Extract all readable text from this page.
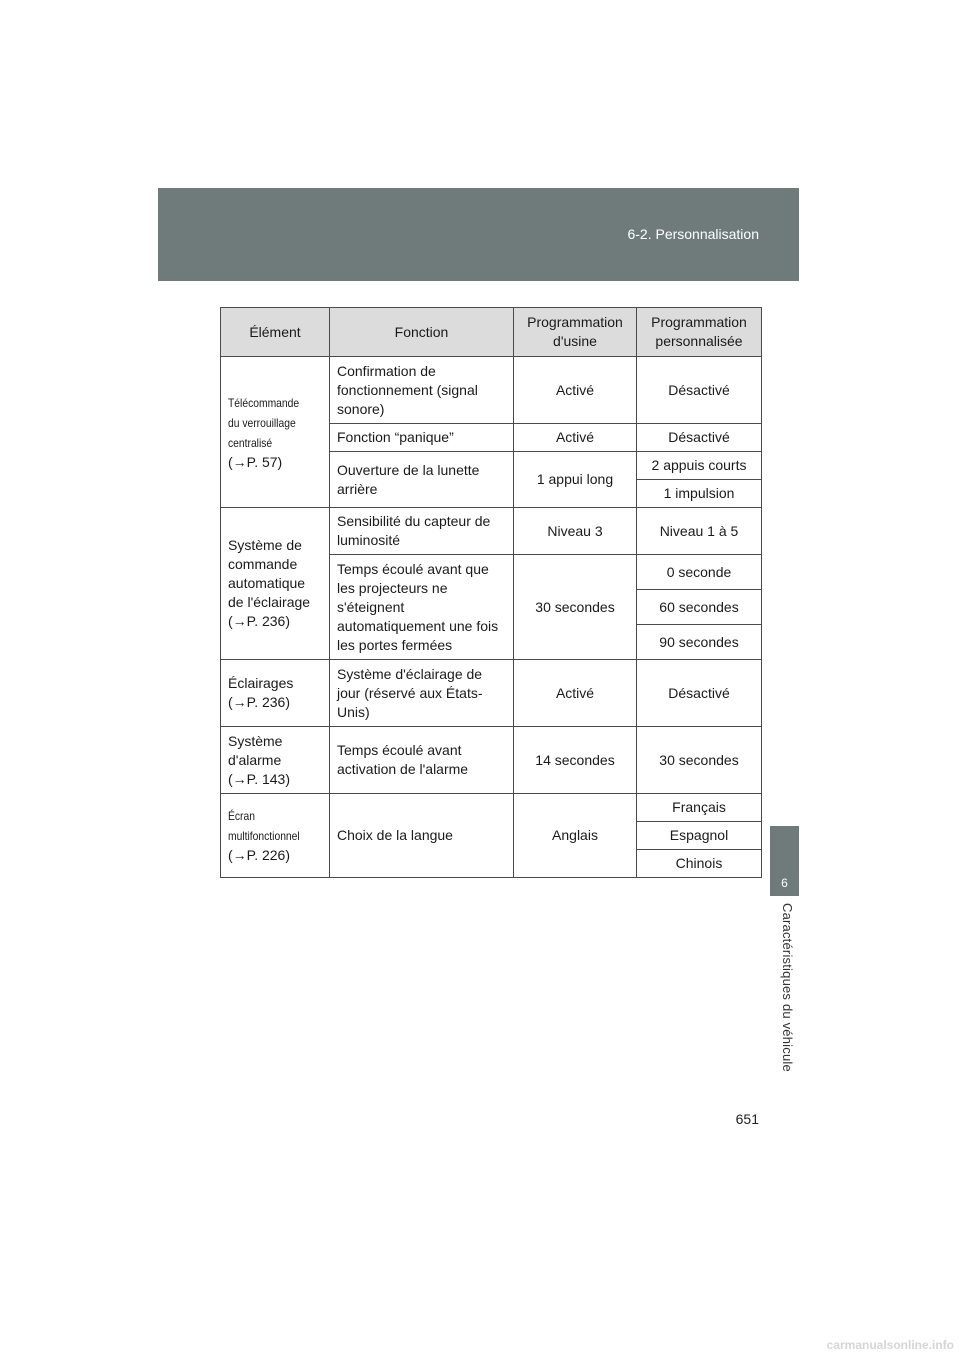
6-2. Personnalisation
Élément	Fonction	Programmation d'usine	Programmation personnalisée

Télécommande
du verrouillage
centralisé
(→P. 57)	Confirmation de fonctionnement (signal sonore)	Activé	Désactivé
	Fonction “panique”	Activé	Désactivé
	Ouverture de la lunette arrière	1 appui long	2 appuis courts
			1 impulsion
Système de commande automatique de l'éclairage
(→P. 236)	Sensibilité du capteur de luminosité	Niveau 3	Niveau 1 à 5
	Temps écoulé avant que les projecteurs ne s'éteignent automatiquement une fois les portes fermées	30 secondes	0 seconde
			60 secondes
			90 secondes
Éclairages
(→P. 236)	Système d'éclairage de jour (réservé aux États-Unis)	Activé	Désactivé
Système d'alarme
(→P. 143)	Temps écoulé avant activation de l'alarme	14 secondes	30 secondes

Écran
multifonctionnel
(→P. 226)	Choix de la langue	Anglais	Français
			Espagnol
			Chinois
6
Caractéristiques du véhicule
651
carmanualsonline.info
